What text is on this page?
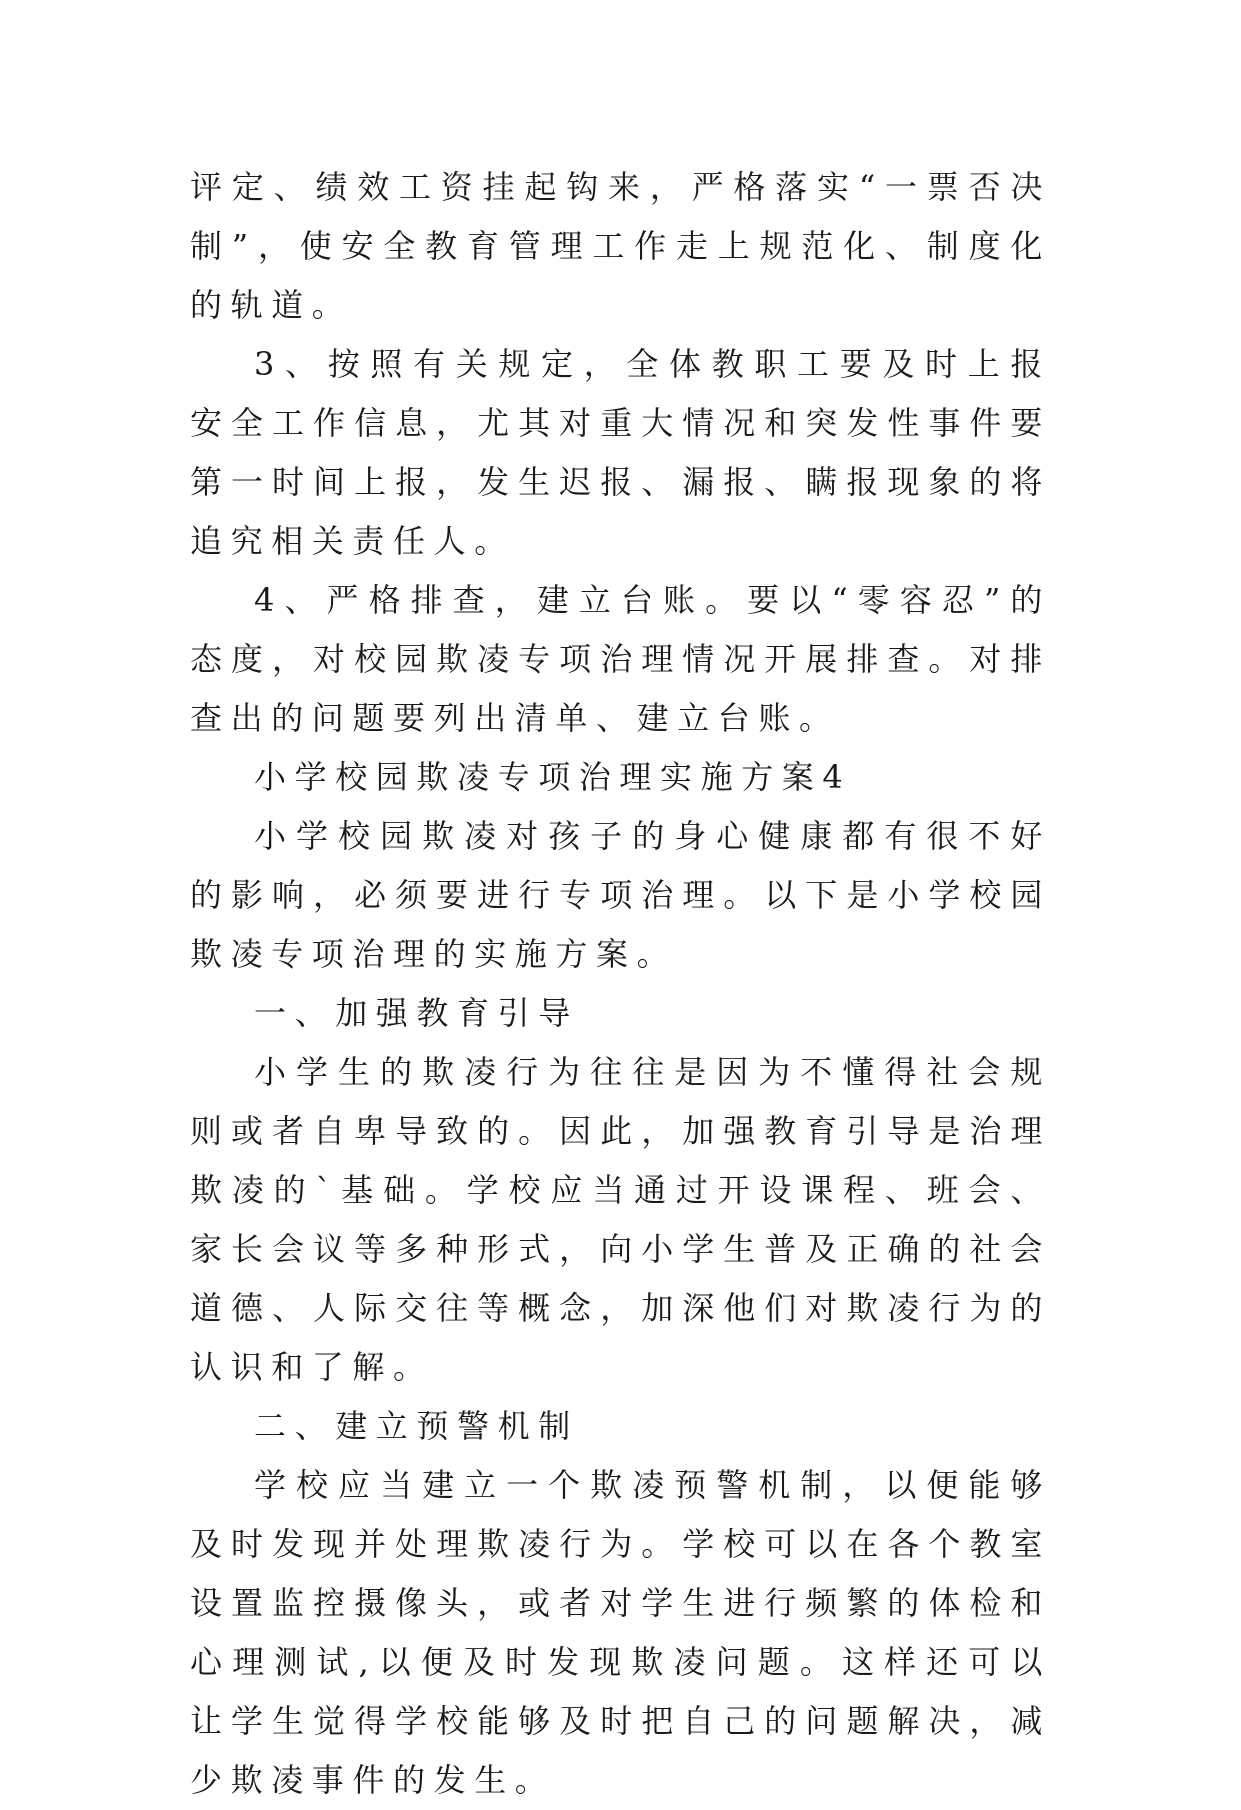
评定、绩效工资挂起钩来，严格落实“一票否决制”，使安全教育管理工作走上规范化、制度化的轨道。

3、按照有关规定，全体教职工要及时上报安全工作信息，尤其对重大情况和突发性事件要第一时间上报，发生迟报、漏报、瞒报现象的将追究相关责任人。

4、严格排查，建立台账。要以“零容忍”的态度，对校园欺凌专项治理情况开展排查。对排查出的问题要列出清单、建立台账。

小学校园欺凌专项治理实施方案4

小学校园欺凌对孩子的身心健康都有很不好的影响，必须要进行专项治理。以下是小学校园欺凌专项治理的实施方案。

一、加强教育引导

小学生的欺凌行为往往是因为不懂得社会规则或者自卑导致的。因此，加强教育引导是治理欺凌的`基础。学校应当通过开设课程、班会、家长会议等多种形式，向小学生普及正确的社会道德、人际交往等概念，加深他们对欺凌行为的认识和了解。

二、建立预警机制

学校应当建立一个欺凌预警机制，以便能够及时发现并处理欺凌行为。学校可以在各个教室设置监控摄像头，或者对学生进行频繁的体检和心理测试,以便及时发现欺凌问题。这样还可以让学生觉得学校能够及时把自己的问题解决，减少欺凌事件的发生。
